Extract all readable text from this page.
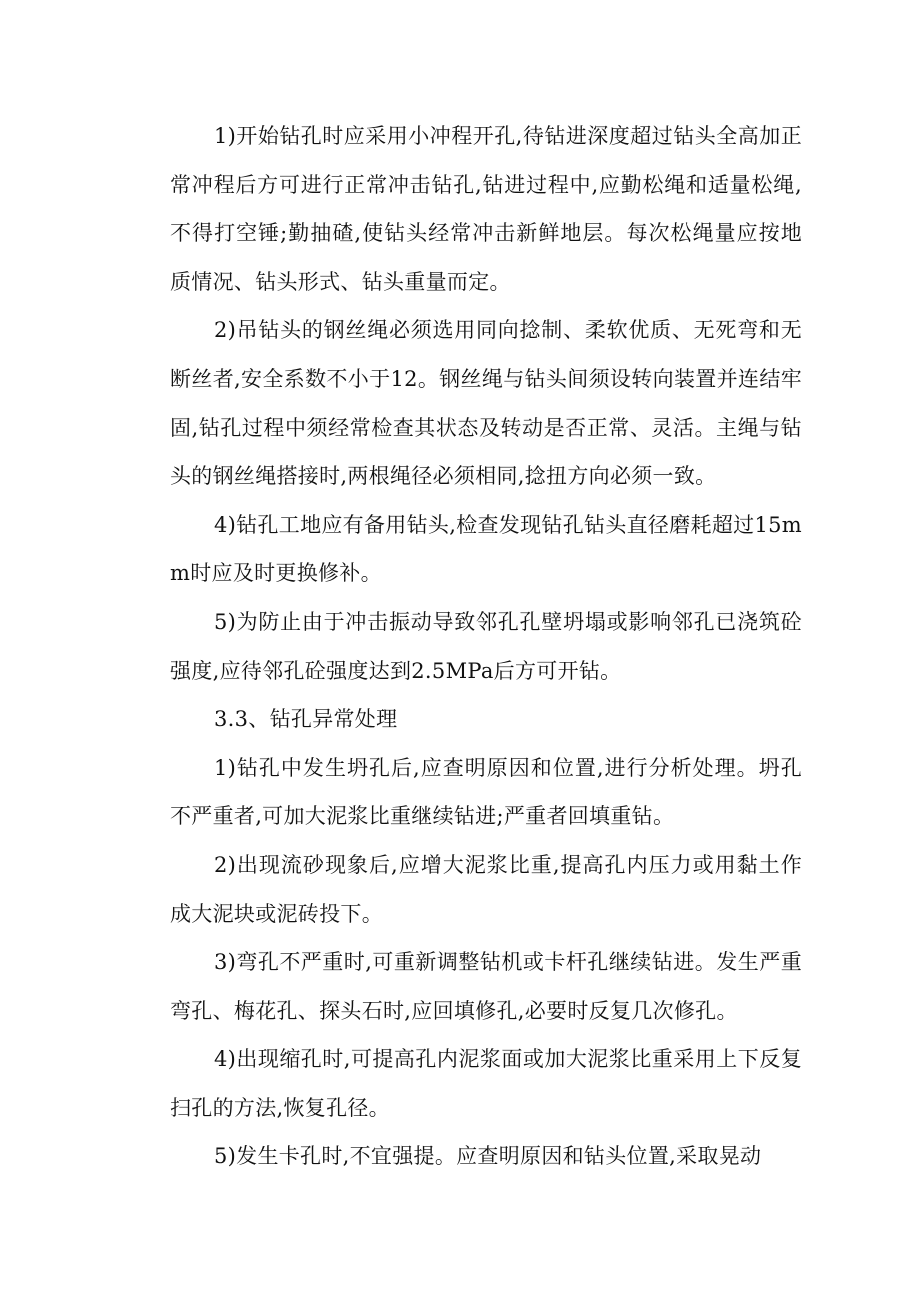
1)开始钻孔时应采用小冲程开孔,待钻进深度超过钻头全高加正常冲程后方可进行正常冲击钻孔,钻进过程中,应勤松绳和适量松绳,不得打空锤;勤抽碴,使钻头经常冲击新鲜地层。每次松绳量应按地质情况、钻头形式、钻头重量而定。

2)吊钻头的钢丝绳必须选用同向捻制、柔软优质、无死弯和无断丝者,安全系数不小于12。钢丝绳与钻头间须设转向装置并连结牢固,钻孔过程中须经常检查其状态及转动是否正常、灵活。主绳与钻头的钢丝绳搭接时,两根绳径必须相同,捻扭方向必须一致。

4)钻孔工地应有备用钻头,检查发现钻孔钻头直径磨耗超过15mm时应及时更换修补。

5)为防止由于冲击振动导致邻孔孔壁坍塌或影响邻孔已浇筑砼强度,应待邻孔砼强度达到2.5MPa后方可开钻。

3.3、钻孔异常处理

1)钻孔中发生坍孔后,应查明原因和位置,进行分析处理。坍孔不严重者,可加大泥浆比重继续钻进;严重者回填重钻。

2)出现流砂现象后,应增大泥浆比重,提高孔内压力或用黏土作成大泥块或泥砖投下。

3)弯孔不严重时,可重新调整钻机或卡杆孔继续钻进。发生严重弯孔、梅花孔、探头石时,应回填修孔,必要时反复几次修孔。

4)出现缩孔时,可提高孔内泥浆面或加大泥浆比重采用上下反复扫孔的方法,恢复孔径。

5)发生卡孔时,不宜强提。应查明原因和钻头位置,采取晃动
